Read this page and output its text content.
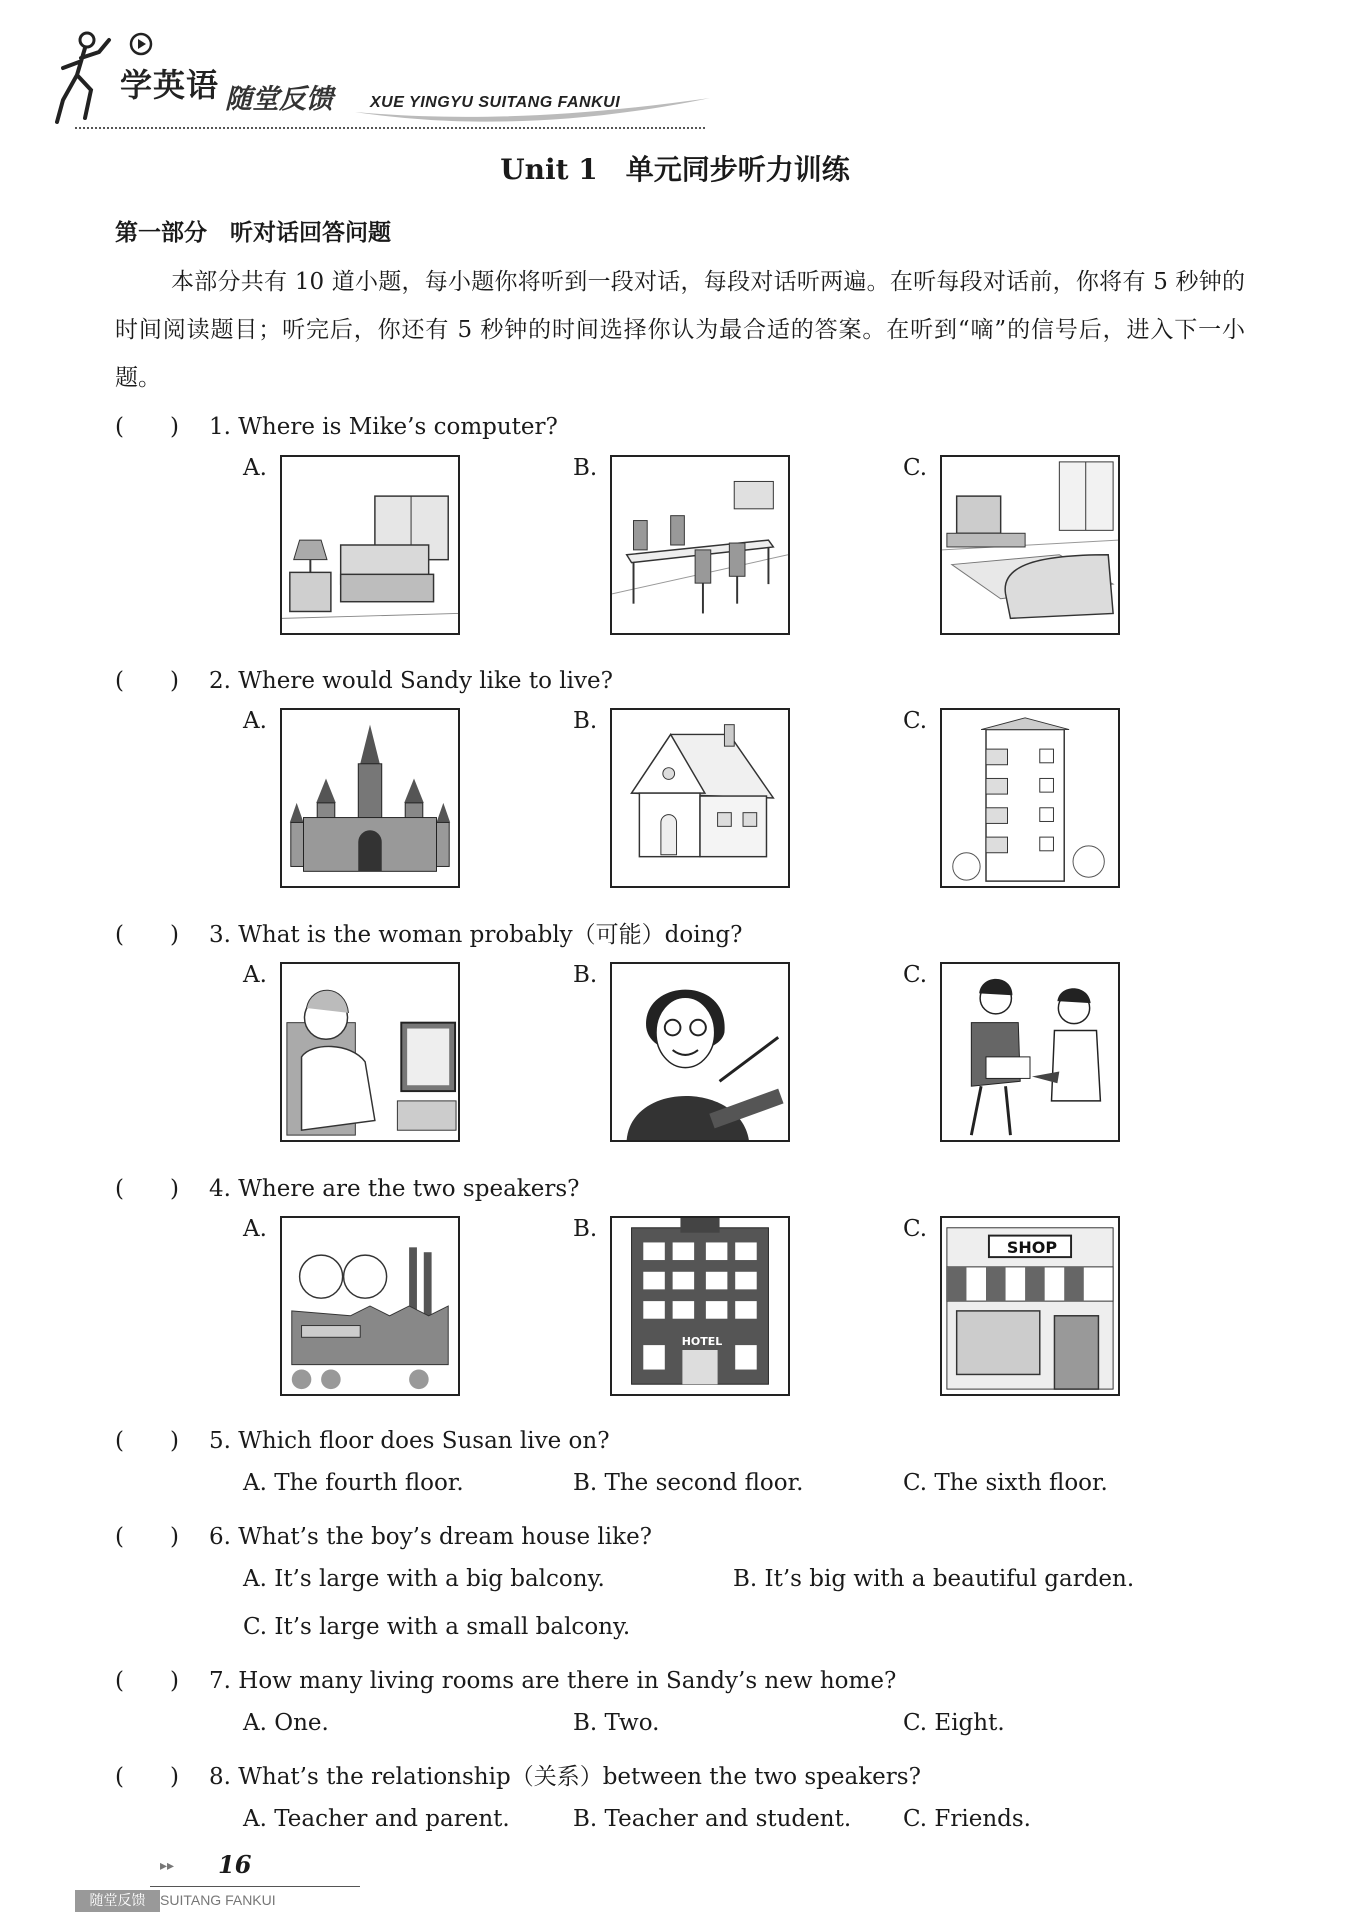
学英语 随堂反馈 XUE YINGYU SUITANG FANKUI
Unit 1　单元同步听力训练
第一部分　听对话回答问题
本部分共有 10 道小题，每小题你将听到一段对话，每段对话听两遍。在听每段对话前，你将有 5 秒钟的时间阅读题目；听完后，你还有 5 秒钟的时间选择你认为最合适的答案。在听到“嘀”的信号后，进入下一小题。
(　　) 1. Where is Mike’s computer?
A.	B.	C.
(　　) 2. Where would Sandy like to live?
A.	B.	C.
(　　) 3. What is the woman probably（可能）doing?
A.	B.	C.
(　　) 4. Where are the two speakers?
A.	B.	C.
HOTEL
SHOP
(　　) 5. Which floor does Susan live on?
A. The fourth floor.	B. The second floor.	C. The sixth floor.
(　　) 6. What’s the boy’s dream house like?
A. It’s large with a big balcony.	B. It’s big with a beautiful garden.
C. It’s large with a small balcony.
(　　) 7. How many living rooms are there in Sandy’s new home?
A. One.	B. Two.	C. Eight.
(　　) 8. What’s the relationship（关系）between the two speakers?
A. Teacher and parent.	B. Teacher and student. C. Friends.
▸▸ 16
随堂反馈	SUITANG FANKUI
